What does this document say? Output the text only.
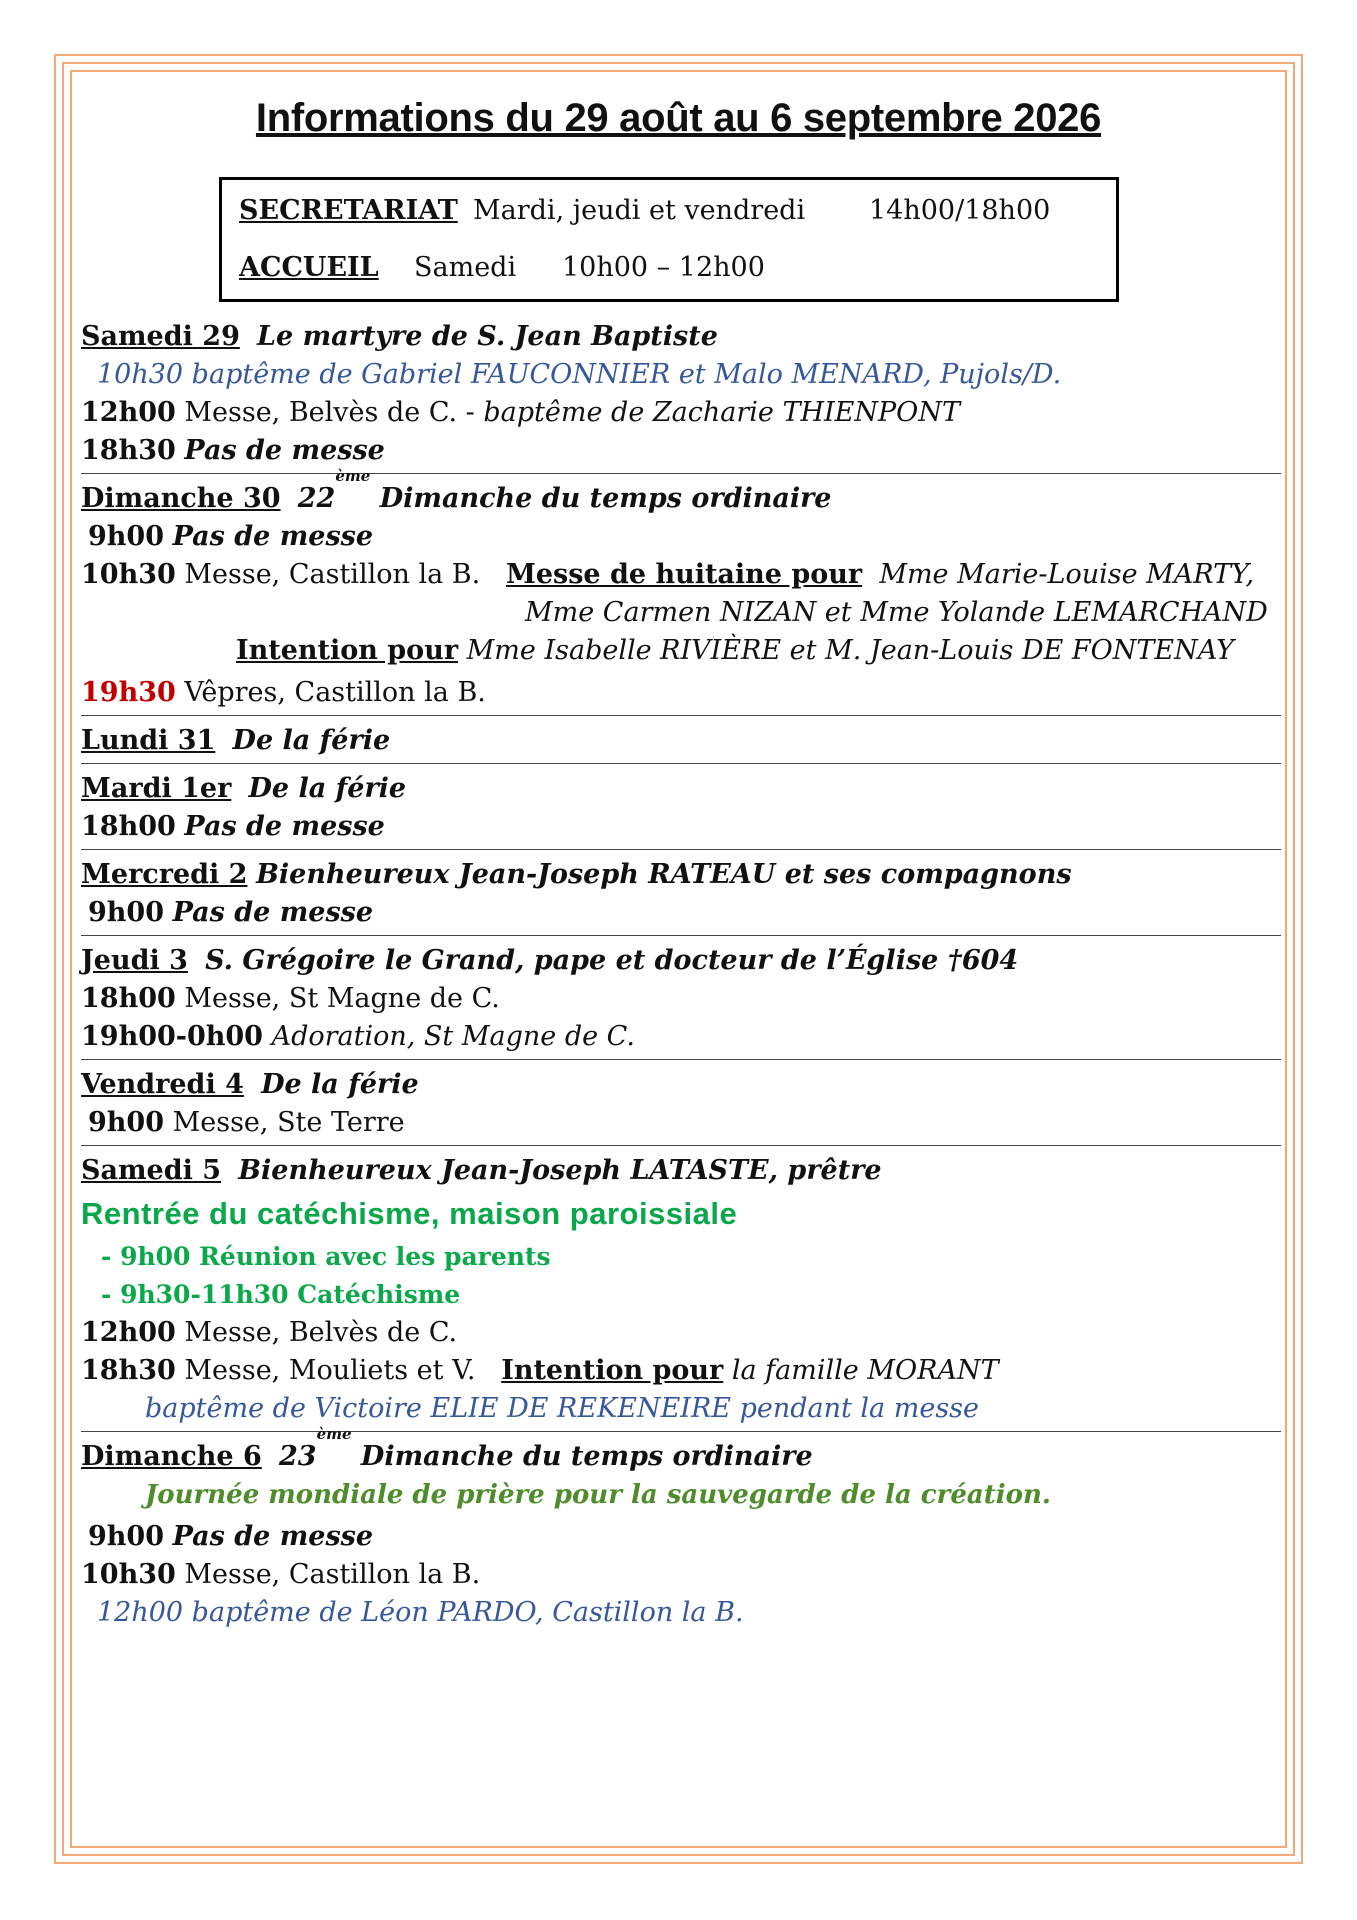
Informations du 29 août au 6 septembre 2026
SECRETARIAT Mardi, jeudi et vendredi 14h00/18h00
ACCUEIL Samedi 10h00 – 12h00
Samedi 29 Le martyre de S. Jean Baptiste
10h30 baptême de Gabriel FAUCONNIER et Malo MENARD, Pujols/D.
12h00 Messe, Belvès de C. - baptême de Zacharie THIENPONT
18h30 Pas de messe
Dimanche 30 22ème Dimanche du temps ordinaire
9h00 Pas de messe
10h30 Messe, Castillon la B. Messe de huitaine pour Mme Marie-Louise MARTY,
Mme Carmen NIZAN et Mme Yolande LEMARCHAND
Intention pour Mme Isabelle RIVIÈRE et M. Jean-Louis DE FONTENAY
19h30 Vêpres, Castillon la B.
Lundi 31 De la férie
Mardi 1er De la férie
18h00 Pas de messe
Mercredi 2 Bienheureux Jean-Joseph RATEAU et ses compagnons
9h00 Pas de messe
Jeudi 3 S. Grégoire le Grand, pape et docteur de l’Église †604
18h00 Messe, St Magne de C.
19h00-0h00 Adoration, St Magne de C.
Vendredi 4 De la férie
9h00 Messe, Ste Terre
Samedi 5 Bienheureux Jean-Joseph LATASTE, prêtre
Rentrée du catéchisme, maison paroissiale
- 9h00 Réunion avec les parents
- 9h30-11h30 Catéchisme
12h00 Messe, Belvès de C.
18h30 Messe, Mouliets et V. Intention pour la famille MORANT
baptême de Victoire ELIE DE REKENEIRE pendant la messe
Dimanche 6 23ème Dimanche du temps ordinaire
Journée mondiale de prière pour la sauvegarde de la création.
9h00 Pas de messe
10h30 Messe, Castillon la B.
12h00 baptême de Léon PARDO, Castillon la B.
